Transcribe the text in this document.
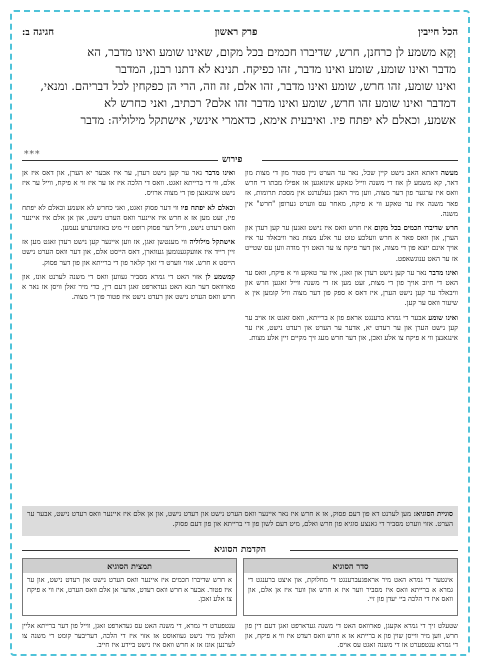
הכל חייבין
פרק ראשון
חגיגה ב:
וְקָא משמע לן כרחנן, חרש, שדיברו חכמים בכל מקום, שאינו שומע ואינו מדבר, הא
מדבר ואינו שומע, שומע ואינו מדבר, זהו כפיקח. תנינא לא דתנו רבנן, המדבר
ואינו שומע, זהו חרש, שומע ואינו מדבר, זהו אלם, זה וזה, הרי הן כפקחין לכל דבריהם. ומנאי,
דמדבר ואינו שומע זהו חרש, שומע ואינו מדבר זהו אלם? רכתיב, ואני כחרש לא
אשמע, וכאלם לא יפתח פיו. ואיבעית אימא, כדאמרי אינשי, אישתקל מילוליה: מדבר
***	פירוש

מעשה דאתא האב נישט קיין שכל, נאר ער הערט ניין סטור מון די מצות מון דאר, קא משמע לן אוז די משנה ווייל טאקע אינזאגען אז אפילו מבתו די חרש וואס איז ערגער פון דער מצוה, ווען מיר האבן געלערנט אין מסכת תרומות, אז פאר משנה איז ער טאקע ווי א פיקח, מאחר עס ווערט גערופן "חרש" אין משנה.

חרש שדיברו חכמים בכל מקום איז חרש וואס איז נישט זאגען ער קען רעדן און הערן, און וואס פאר א חרש וועלכע טוט ער אלע מצות נאר וויבאלד ער איז אויך אינם יוצא פון די מצוה, און דער פיקח צו ער האט זיך מודה ווען עס שטייט אז ער האט ענוגשאפט.

ואינו מדבר נאר ער קען נישט רעדן און זאגן, איז ער טאקע ווי א פיקח, וואס ער האט די חיוב אויך פון די מצות, זעט מען אז די משנה ווייל זאגען חרש און וויבאלד ער קען נישט הערן, איז דאס א ספק פון דער מצוה וויל קומען אין א שיעור וואס ער קען.

ואינו שומע אבער די גמרא ברענגט אראפ פון א ברייתא, וואס זאגט אז אויב ער קען נישט הערן און ער רעדט יא, אדער ער הערט און רעדט נישט, איז ער אינגאנצן ווי א פיקח צו אלע זאכן, און דער חרש מעג זיך מקיים זיין אלע מצות.

ואינו מדבר נאר ער קען נישט רעדן, ער איז אבער יא הערן, און דאס איז אן אלם, ווי די ברייתא זאגט. וואס די הלכה איז אז ער איז ווי א פיקח, ווייל ער איז נישט אינגאנצן פון די מצוה ארויס.

וכאלם לא יפתח פיו ווי דער פסוק זאגט, ואני כחרש לא אשמע וכאלם לא יפתח פיו, זעט מען אז א חרש איז איינער וואס הערט נישט, און אן אלם איז איינער וואס רעדט נישט, ווייל דער פסוק רופט זיי מיט באזונדערע נעמען.

אישתקל מילוליה ווי מענטשן זאגן, אז ווען איינער קען נישט רעדן זאגט מען אז זיין רייד איז אוועקגענומען געווארן, דאס הייסט אלם, און דער וואס הערט נישט הייסט א חרש. אזוי ווערט די זאך קלאר פון די ברייתא און פון דער פסוק.

קמשמע לן אזוי האט די גמרא מסביר געווען וואס די משנה לערנט אונז, און פארוואס דער תנא האט געדארפט זאגן דעם דין, כדי מיר זאלן וויסן אז נאר א חרש וואס הערט נישט און רעדט נישט איז פטור פון די מצוה.

סוגיית הסוגיא: מען לערנט דא פון דעם פסוק, אז א חרש איז נאר איינער וואס הערט נישט און רעדט נישט, און אן אלם איז איינער וואס רעדט נישט, אבער ער הערט. אזוי ווערט מסביר די גאנצע סוגיא פון חרש ואלם, מיט דעם לשון פון די ברייתא און פון דעם פסוק.
הקדמת הסוגיא
סדר הסוגיא
אינטער די גמרא האט מיר אראפגעברענגט די מחלוקת, און איצט ברענגט די גמרא א ברייתא וואס איז מסביר ווער איז א חרש און ווער איז אן אלם, און וואס איז די הלכה ביי יעדן פון זיי.
תמצית הסוגיא
א חרש שדיברו חכמים איז איינער וואס הערט נישט און רעדט נישט, און ער איז פטור. אבער א חרש וואס רעדט, אדער אן אלם וואס הערט, איז ווי א פיקח צו אלע זאכן.
שטעלט זיך די גמרא אקעגן, פארוואס האט די משנה געדארפט זאגן דעם דין פון חרש, ווען מיר ווייסן שוין פון א ברייתא אז א חרש וואס רעדט איז ווי א פיקח, און די גמרא ענטפערט אז די משנה זאגט עס אויס.
ענטפערט די גמרא, די משנה האט עס געדארפט זאגן, ווייל פון דער ברייתא אליין וואלטן מיר נישט געוואוסט אז אזוי איז די הלכה, דעריבער קומט די משנה צו לערנען אונז אז א חרש וואס איז נישט ביידע איז חייב.
